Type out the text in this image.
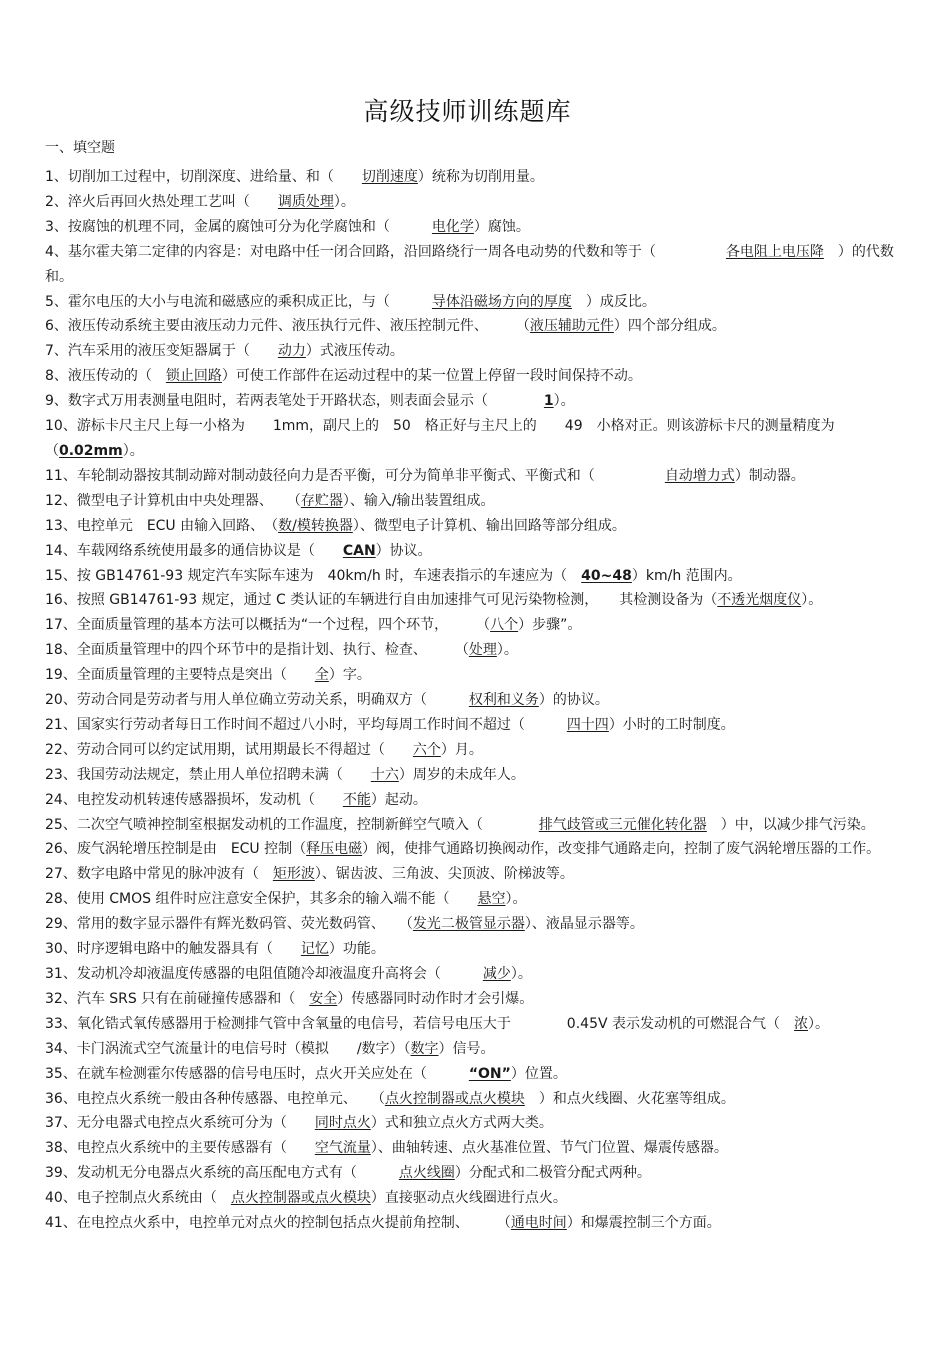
高级技师训练题库
一、填空题
1、切削加工过程中，切削深度、进给量、和（　　切削速度）统称为切削用量。
2、淬火后再回火热处理工艺叫（　　调质处理）。
3、按腐蚀的机理不同，金属的腐蚀可分为化学腐蚀和（　　　电化学）腐蚀。
4、基尔霍夫第二定律的内容是：对电路中任一闭合回路，沿回路绕行一周各电动势的代数和等于（　　　　　各电阻上电压降　）的代数和。
5、霍尔电压的大小与电流和磁感应的乘积成正比，与（　　　导体沿磁场方向的厚度　）成反比。
6、液压传动系统主要由液压动力元件、液压执行元件、液压控制元件、　　　（液压辅助元件）四个部分组成。
7、汽车采用的液压变矩器属于（　　动力）式液压传动。
8、液压传动的（　锁止回路）可使工作部件在运动过程中的某一位置上停留一段时间保持不动。
9、数字式万用表测量电阻时，若两表笔处于开路状态，则表面会显示（　　　　1）。
10、游标卡尺主尺上每一小格为　　1mm，副尺上的　50　格正好与主尺上的　　49　小格对正。则该游标卡尺的测量精度为（0.02mm）。
11、车轮制动器按其制动蹄对制动鼓径向力是否平衡，可分为简单非平衡式、平衡式和（　　　　　自动增力式）制动器。
12、微型电子计算机由中央处理器、　　（存贮器）、输入/输出装置组成。
13、电控单元　ECU 由输入回路、　（数/模转换器）、微型电子计算机、输出回路等部分组成。
14、车载网络系统使用最多的通信协议是（　　CAN）协议。
15、按 GB14761-93 规定汽车实际车速为　40km/h 时，车速表指示的车速应为（　40~48）km/h 范围内。
16、按照 GB14761-93 规定，通过 C 类认证的车辆进行自由加速排气可见污染物检测，　　其检测设备为（不透光烟度仪）。
17、全面质量管理的基本方法可以概括为“一个过程，四个环节，　　　（八个）步骤”。
18、全面质量管理中的四个环节中的是指计划、执行、检查、　　　（处理）。
19、全面质量管理的主要特点是突出（　　全）字。
20、劳动合同是劳动者与用人单位确立劳动关系，明确双方（　　　权利和义务）的协议。
21、国家实行劳动者每日工作时间不超过八小时，平均每周工作时间不超过（　　　四十四）小时的工时制度。
22、劳动合同可以约定试用期，试用期最长不得超过（　　六个）月。
23、我国劳动法规定，禁止用人单位招聘未满（　　十六）周岁的未成年人。
24、电控发动机转速传感器损坏，发动机（　　不能）起动。
25、二次空气喷神控制室根据发动机的工作温度，控制新鲜空气喷入（　　　　排气歧管或三元催化转化器　）中，以减少排气污染。
26、废气涡轮增压控制是由　ECU 控制（释压电磁）阀，使排气通路切换阀动作，改变排气通路走向，控制了废气涡轮增压器的工作。
27、数字电路中常见的脉冲波有（　矩形波）、锯齿波、三角波、尖顶波、阶梯波等。
28、使用 CMOS 组件时应注意安全保护，其多余的输入端不能（　　悬空）。
29、常用的数字显示器件有辉光数码管、荧光数码管、　　（发光二极管显示器）、液晶显示器等。
30、时序逻辑电路中的触发器具有（　　记忆）功能。
31、发动机冷却液温度传感器的电阻值随冷却液温度升高将会（　　　减少）。
32、汽车 SRS 只有在前碰撞传感器和（　安全）传感器同时动作时才会引爆。
33、氧化锆式氧传感器用于检测排气管中含氧量的电信号，若信号电压大于　　　　0.45V 表示发动机的可燃混合气（　浓）。
34、卡门涡流式空气流量计的电信号时（模拟　　/数字）（数字）信号。
35、在就车检测霍尔传感器的信号电压时，点火开关应处在（　　　“ON”）位置。
36、电控点火系统一般由各种传感器、电控单元、　　（点火控制器或点火模块　）和点火线圈、火花塞等组成。
37、无分电器式电控点火系统可分为（　　同时点火）式和独立点火方式两大类。
38、电控点火系统中的主要传感器有（　　空气流量）、曲轴转速、点火基准位置、节气门位置、爆震传感器。
39、发动机无分电器点火系统的高压配电方式有（　　　点火线圈）分配式和二极管分配式两种。
40、电子控制点火系统由（　点火控制器或点火模块）直接驱动点火线圈进行点火。
41、在电控点火系中，电控单元对点火的控制包括点火提前角控制、　　　（通电时间）和爆震控制三个方面。
